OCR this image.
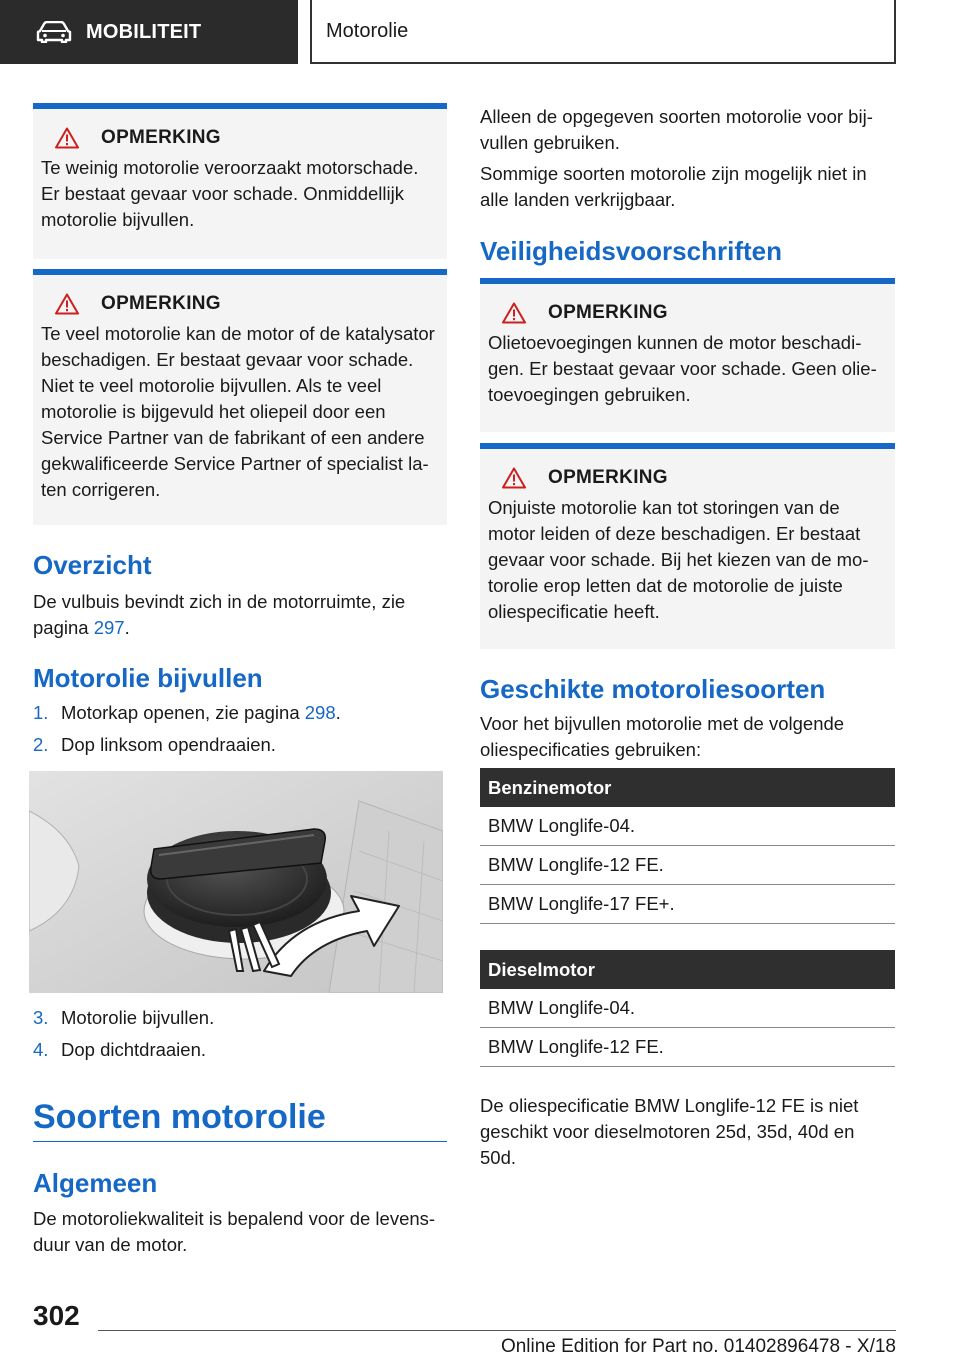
MOBILITEIT	Motorolie
OPMERKING

Te weinig motorolie veroorzaakt motorschade. Er bestaat gevaar voor schade. Onmiddellijk motorolie bijvullen.

OPMERKING

Te veel motorolie kan de motor of de katalysator beschadigen. Er bestaat gevaar voor schade. Niet te veel motorolie bijvullen. Als te veel motorolie is bijgevuld het oliepeil door een Service Partner van de fabrikant of een andere gekwalificeerde Service Partner of specialist laten corrigeren.

Overzicht
De vulbuis bevindt zich in de motorruimte, zie pagina 297.
Motorolie bijvullen
1. Motorkap openen, zie pagina 298.
2. Dop linksom opendraaien.
3. Motorolie bijvullen.
4. Dop dichtdraaien.
Soorten motorolie
Algemeen
De motoroliekwaliteit is bepalend voor de levensduur van de motor.
Alleen de opgegeven soorten motorolie voor bijvullen gebruiken.
Sommige soorten motorolie zijn mogelijk niet in alle landen verkrijgbaar.
Veiligheidsvoorschriften
OPMERKING

Olietoevoegingen kunnen de motor beschadigen. Er bestaat gevaar voor schade. Geen olietoevoegingen gebruiken.

OPMERKING

Onjuiste motorolie kan tot storingen van de motor leiden of deze beschadigen. Er bestaat gevaar voor schade. Bij het kiezen van de motorolie erop letten dat de motorolie de juiste oliespecificatie heeft.

Geschikte motoroliesoorten
Voor het bijvullen motorolie met de volgende oliespecificaties gebruiken:
Benzinemotor
BMW Longlife-04.
BMW Longlife-12 FE.
BMW Longlife-17 FE+.
Dieselmotor
BMW Longlife-04.
BMW Longlife-12 FE.
De oliespecificatie BMW Longlife-12 FE is niet geschikt voor dieselmotoren 25d, 35d, 40d en 50d.
302
Online Edition for Part no. 01402896478 - X/18
